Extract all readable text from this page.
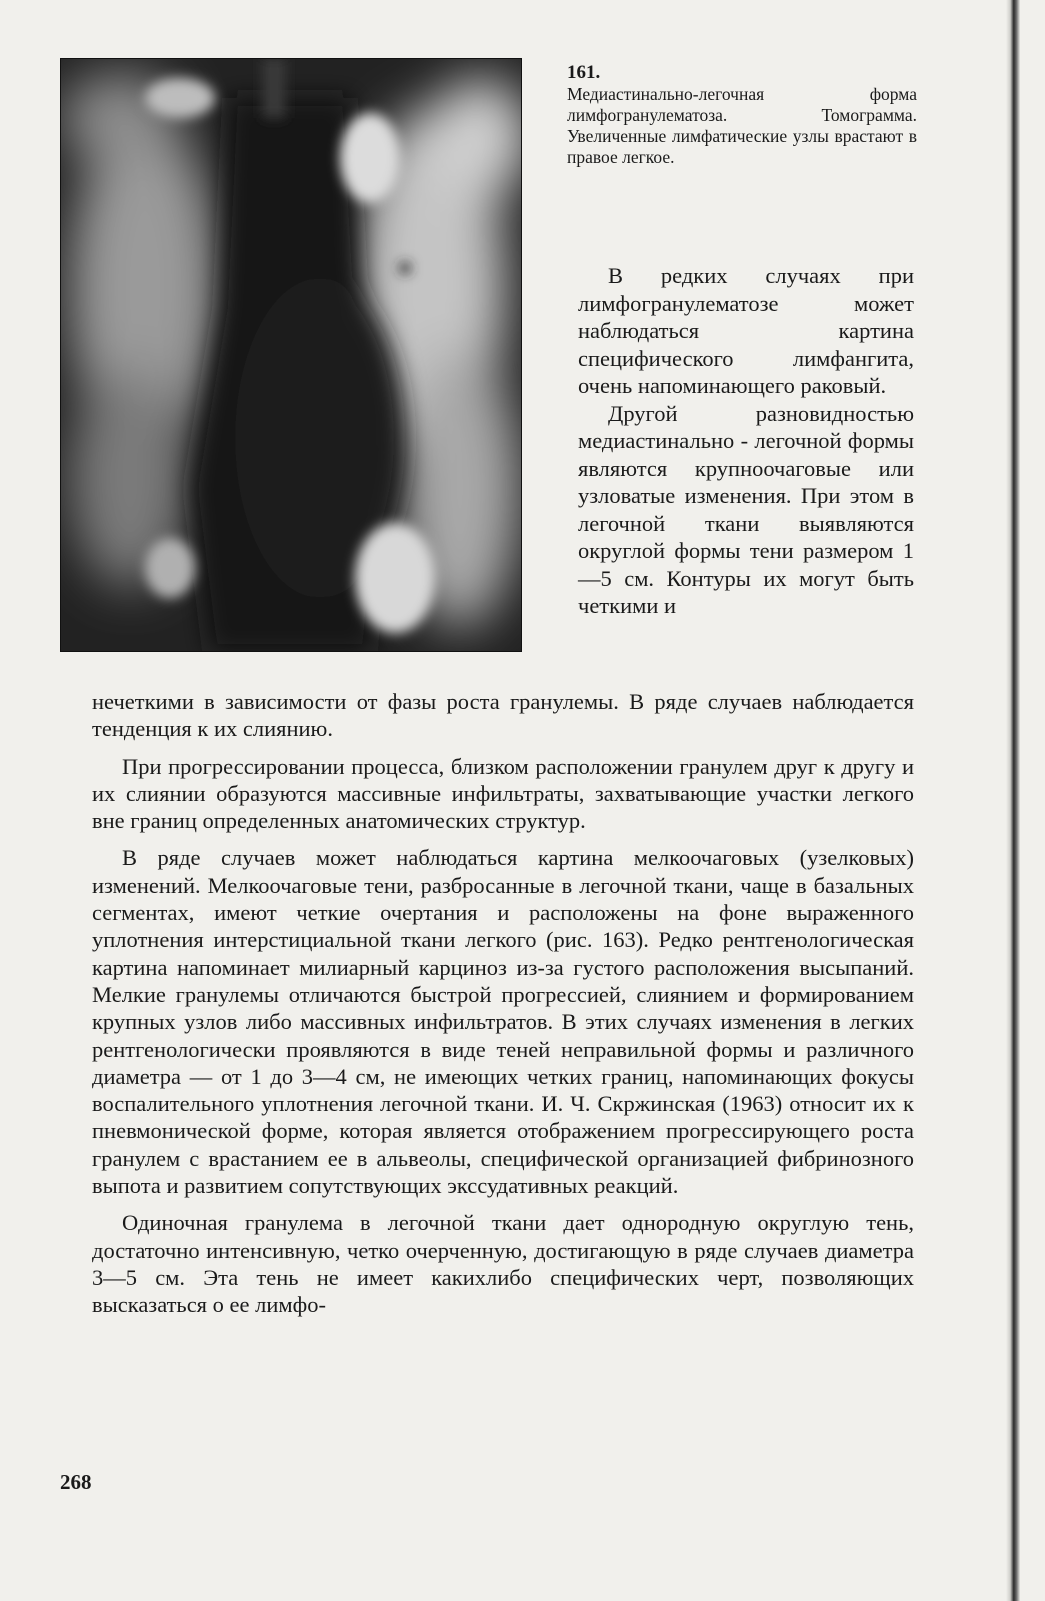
161.
Медиастинально-легочная форма лимфогранулематоза. Томограмма. Увеличенные лимфатические узлы врастают в правое легкое.

В редких случаях при лимфогранулематозе может наблюдаться картина специфического лимфангита, очень напоминающего раковый.

Другой разновидностью медиастинально - легочной формы являются крупноочаговые или узловатые изменения. При этом в легочной ткани выявляются округлой формы тени размером 1—5 см. Контуры их могут быть четкими и

нечеткими в зависимости от фазы роста гранулемы. В ряде случаев наблюдается тенденция к их слиянию.

При прогрессировании процесса, близком расположении гранулем друг к другу и их слиянии образуются массивные инфильтраты, захватывающие участки легкого вне границ определенных анатомических структур.

В ряде случаев может наблюдаться картина мелкоочаговых (узелковых) изменений. Мелкоочаговые тени, разбросанные в легочной ткани, чаще в базальных сегментах, имеют четкие очертания и расположены на фоне выраженного уплотнения интерстициальной ткани легкого (рис. 163). Редко рентгенологическая картина напоминает милиарный карциноз из-за густого расположения высыпаний. Мелкие гранулемы отличаются быстрой прогрессией, слиянием и формированием крупных узлов либо массивных инфильтратов. В этих случаях изменения в легких рентгенологически проявляются в виде теней неправильной формы и различного диаметра — от 1 до 3—4 см, не имеющих четких границ, напоминающих фокусы воспалительного уплотнения легочной ткани. И. Ч. Скржинская (1963) относит их к пневмонической форме, которая является отображением прогрессирующего роста гранулем с врастанием ее в альвеолы, специфической организацией фибринозного выпота и развитием сопутствующих экссудативных реакций.

Одиночная гранулема в легочной ткани дает однородную округлую тень, достаточно интенсивную, четко очерченную, достигающую в ряде случаев диаметра 3—5 см. Эта тень не имеет какихлибо специфических черт, позволяющих высказаться о ее лимфо-

268
